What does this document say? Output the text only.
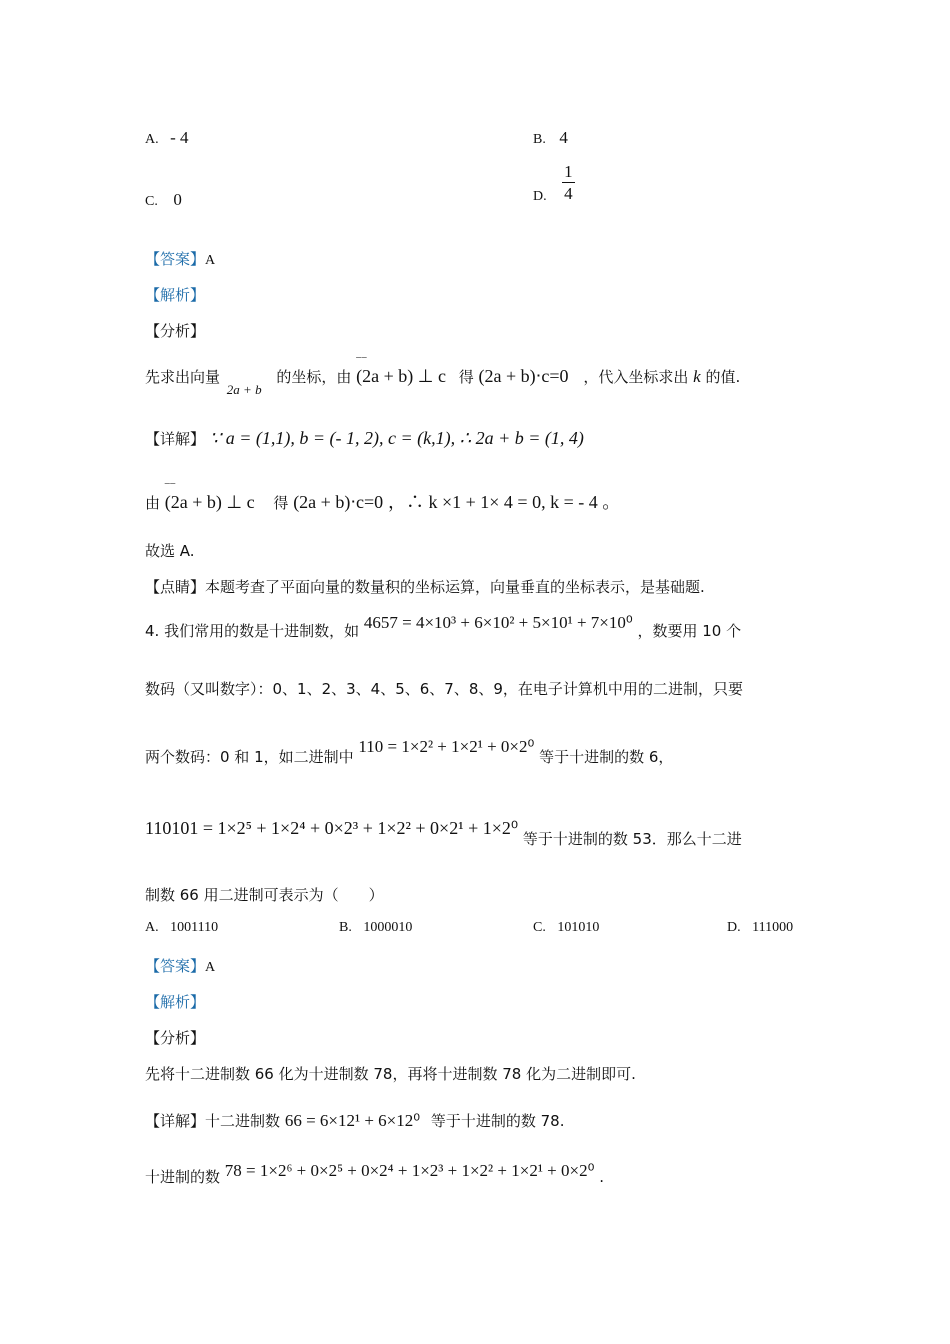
A. - 4	B. 4
C. 0	D. $\frac{1}{4}$
【答案】A
【解析】
【分析】
先求出向量 2a + b 的坐标，由 – – (2a + b) ⊥ c 得 (2a + b)⋅c=0 ，代入坐标求出 k 的值.
【详解】 ∵ a = (1,1), b = (- 1, 2), c = (k,1), ∴ 2a + b = (1, 4)
由 – – (2a + b) ⊥ c 得 (2a + b)⋅c=0 ，∴ k ×1 + 1× 4 = 0, k = - 4 。
故选 A.
【点睛】本题考查了平面向量的数量积的坐标运算，向量垂直的坐标表示，是基础题.
4. 我们常用的数是十进制数，如 4657 = 4×10³ + 6×10² + 5×10¹ + 7×10⁰ ，数要用 10 个
数码（又叫数字）：0、1、2、3、4、5、6、7、8、9，在电子计算机中用的二进制，只要
两个数码：0 和 1，如二进制中 110 = 1×2² + 1×2¹ + 0×2⁰ 等于十进制的数 6，
110101 = 1×2⁵ + 1×2⁴ + 0×2³ + 1×2² + 0×2¹ + 1×2⁰ 等于十进制的数 53．那么十二进
制数 66 用二进制可表示为（　　）
A. 1001110	B. 1000010	C. 101010	D. 111000
【答案】A
【解析】
【分析】
先将十二进制数 66 化为十进制数 78，再将十进制数 78 化为二进制即可.
【详解】十二进制数 66 = 6×12¹ + 6×12⁰ 等于十进制的数 78.
十进制的数 78 = 1×2⁶ + 0×2⁵ + 0×2⁴ + 1×2³ + 1×2² + 1×2¹ + 0×2⁰ .
